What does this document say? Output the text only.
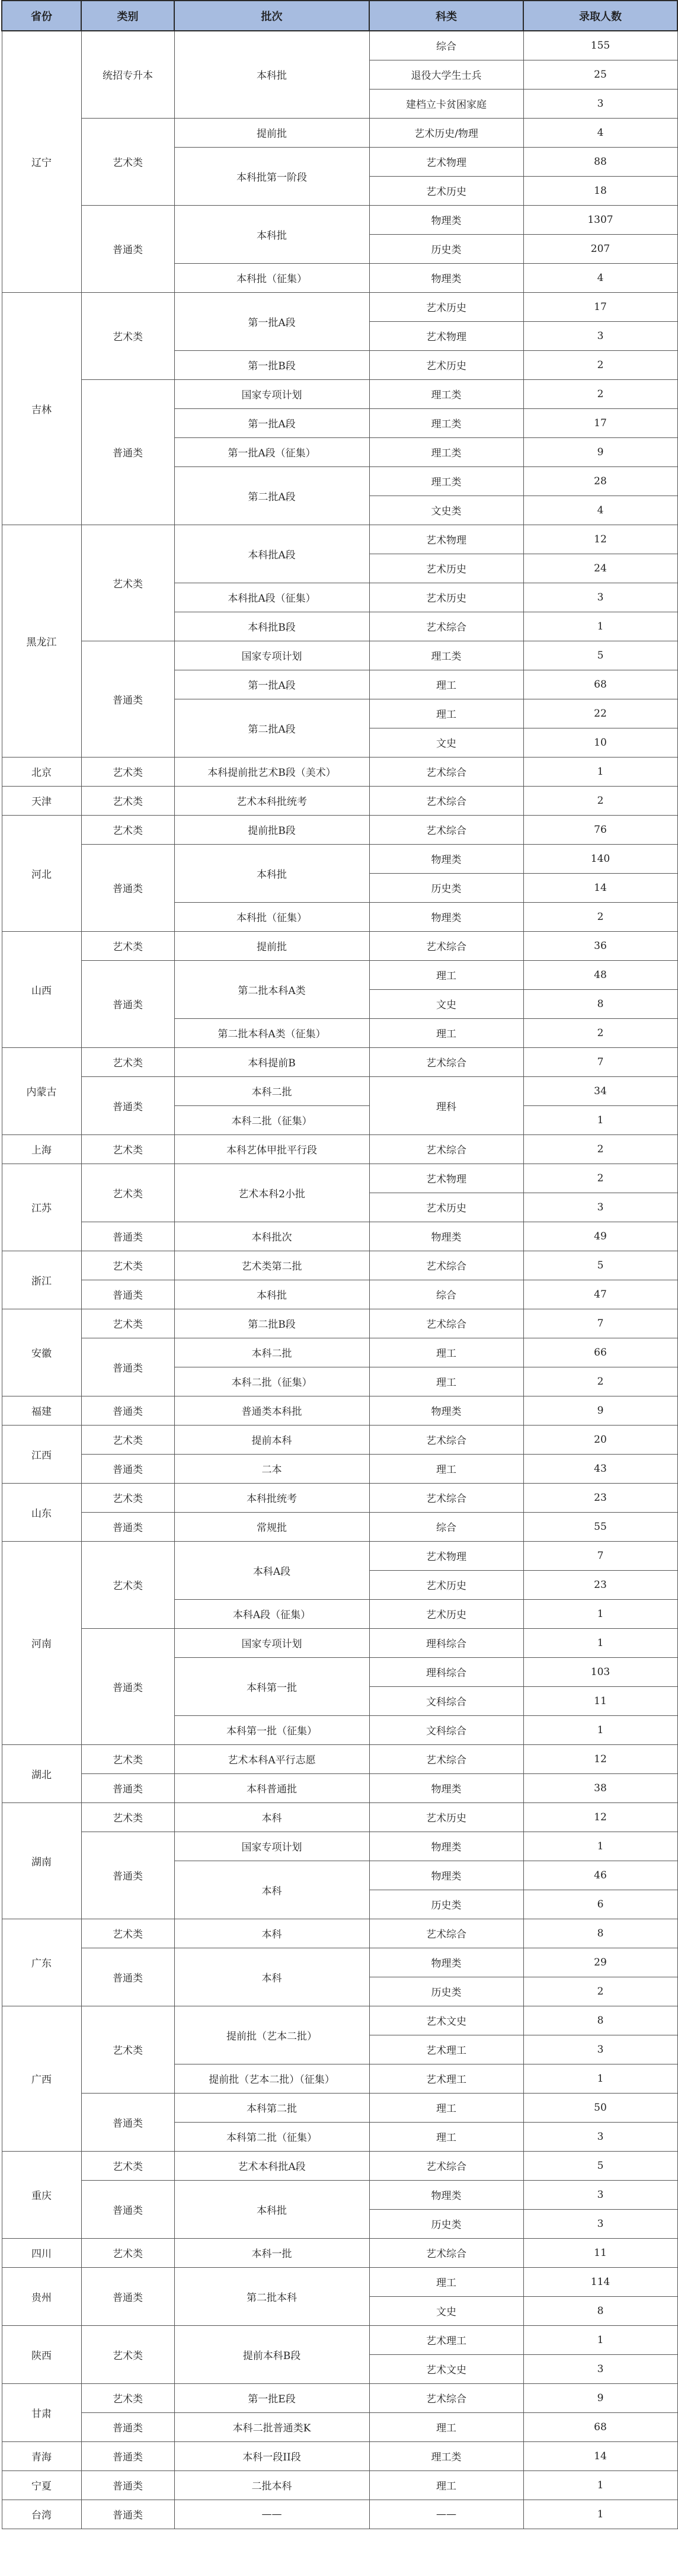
省份	类别	批次	科类	录取人数
辽宁	统招专升本	本科批	综合	155
			退役大学生士兵	25
			建档立卡贫困家庭	3
	艺术类	提前批	艺术历史/物理	4
		本科批第一阶段	艺术物理	88
			艺术历史	18
	普通类	本科批	物理类	1307
			历史类	207
		本科批（征集）	物理类	4
吉林	艺术类	第一批A段	艺术历史	17
			艺术物理	3
		第一批B段	艺术历史	2
	普通类	国家专项计划	理工类	2
		第一批A段	理工类	17
		第一批A段（征集）	理工类	9
		第二批A段	理工类	28
			文史类	4
黑龙江	艺术类	本科批A段	艺术物理	12
			艺术历史	24
		本科批A段（征集）	艺术历史	3
		本科批B段	艺术综合	1
	普通类	国家专项计划	理工类	5
		第一批A段	理工	68
		第二批A段	理工	22
			文史	10
北京	艺术类	本科提前批艺术B段（美术）	艺术综合	1
天津	艺术类	艺术本科批统考	艺术综合	2
河北	艺术类	提前批B段	艺术综合	76
	普通类	本科批	物理类	140
			历史类	14
		本科批（征集）	物理类	2
山西	艺术类	提前批	艺术综合	36
	普通类	第二批本科A类	理工	48
			文史	8
		第二批本科A类（征集）	理工	2
内蒙古	艺术类	本科提前B	艺术综合	7
	普通类	本科二批	理科	34
		本科二批（征集）		1
上海	艺术类	本科艺体甲批平行段	艺术综合	2
江苏	艺术类	艺术本科2小批	艺术物理	2
			艺术历史	3
	普通类	本科批次	物理类	49
浙江	艺术类	艺术类第二批	艺术综合	5
	普通类	本科批	综合	47
安徽	艺术类	第二批B段	艺术综合	7
	普通类	本科二批	理工	66
		本科二批（征集）	理工	2
福建	普通类	普通类本科批	物理类	9
江西	艺术类	提前本科	艺术综合	20
	普通类	二本	理工	43
山东	艺术类	本科批统考	艺术综合	23
	普通类	常规批	综合	55
河南	艺术类	本科A段	艺术物理	7
			艺术历史	23
		本科A段（征集）	艺术历史	1
	普通类	国家专项计划	理科综合	1
		本科第一批	理科综合	103
			文科综合	11
		本科第一批（征集）	文科综合	1
湖北	艺术类	艺术本科A平行志愿	艺术综合	12
	普通类	本科普通批	物理类	38
湖南	艺术类	本科	艺术历史	12
	普通类	国家专项计划	物理类	1
		本科	物理类	46
			历史类	6
广东	艺术类	本科	艺术综合	8
	普通类	本科	物理类	29
			历史类	2
广西	艺术类	提前批（艺本二批）	艺术文史	8
			艺术理工	3
		提前批（艺本二批）（征集）	艺术理工	1
	普通类	本科第二批	理工	50
		本科第二批（征集）	理工	3
重庆	艺术类	艺术本科批A段	艺术综合	5
	普通类	本科批	物理类	3
			历史类	3
四川	艺术类	本科一批	艺术综合	11
贵州	普通类	第二批本科	理工	114
			文史	8
陕西	艺术类	提前本科B段	艺术理工	1
			艺术文史	3
甘肃	艺术类	第一批E段	艺术综合	9
	普通类	本科二批普通类K	理工	68
青海	普通类	本科一段II段	理工类	14
宁夏	普通类	二批本科	理工	1
台湾	普通类	——	——	1
